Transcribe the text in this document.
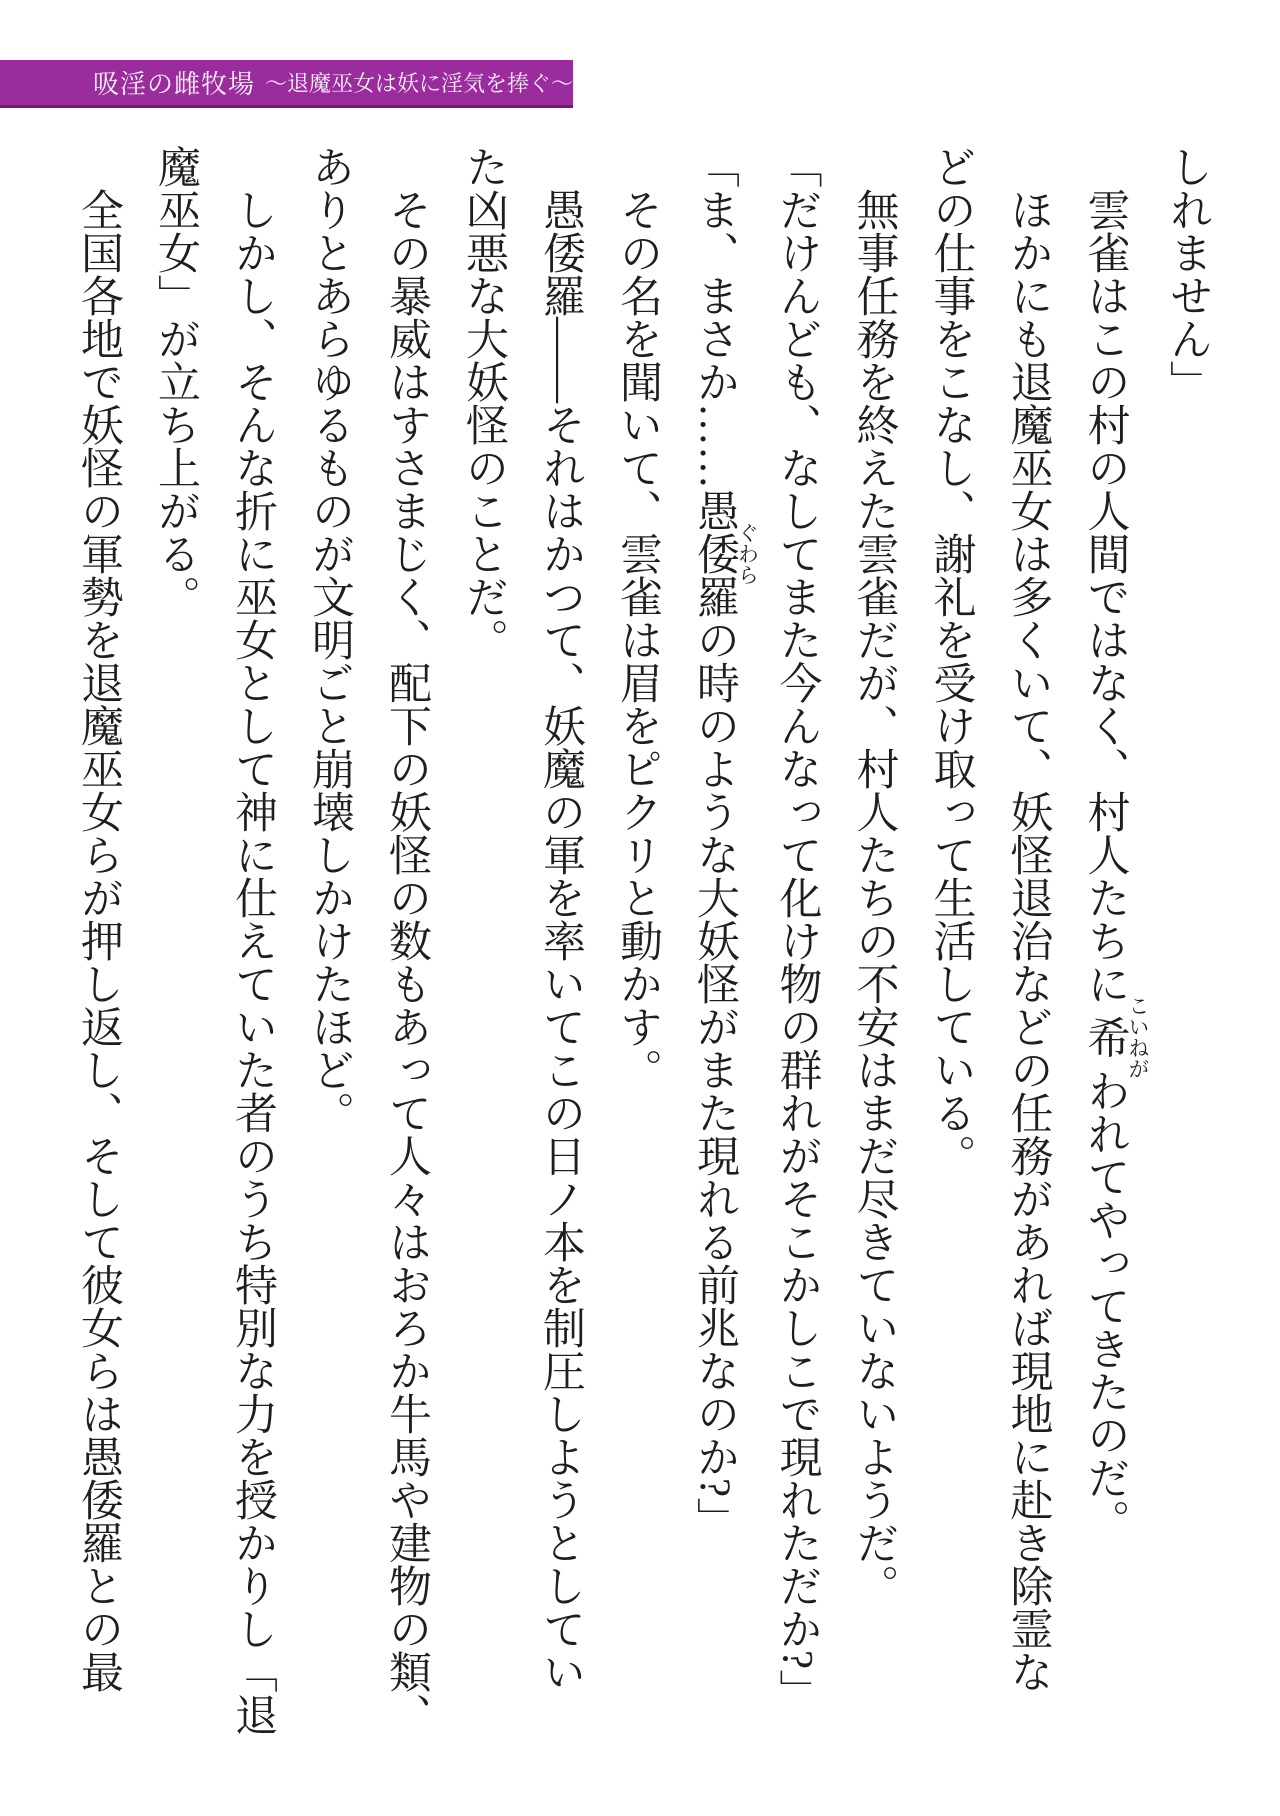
吸淫の雌牧場 ～退魔巫女は妖に淫気を捧ぐ～
しれません」
雲雀はこの村の人間ではなく、村人たちに希こいねがわれてやってきたのだ。
ほかにも退魔巫女は多くいて、妖怪退治などの任務があれば現地に赴き除霊な
どの仕事をこなし、謝礼を受け取って生活している。
無事任務を終えた雲雀だが、村人たちの不安はまだ尽きていないようだ。
「だけんども、なしてまた今んなって化け物の群れがそこかしこで現れただか?」
「ま、まさか……愚倭羅ぐわらの時のような大妖怪がまた現れる前兆なのか?」
その名を聞いて、雲雀は眉をピクリと動かす。
愚倭羅——それはかつて、妖魔の軍を率いてこの日ノ本を制圧しようとしてい
た凶悪な大妖怪のことだ。
その暴威はすさまじく、配下の妖怪の数もあって人々はおろか牛馬や建物の類、
ありとあらゆるものが文明ごと崩壊しかけたほど。
しかし、そんな折に巫女として神に仕えていた者のうち特別な力を授かりし「退
魔巫女」が立ち上がる。
全国各地で妖怪の軍勢を退魔巫女らが押し返し、そして彼女らは愚倭羅との最
